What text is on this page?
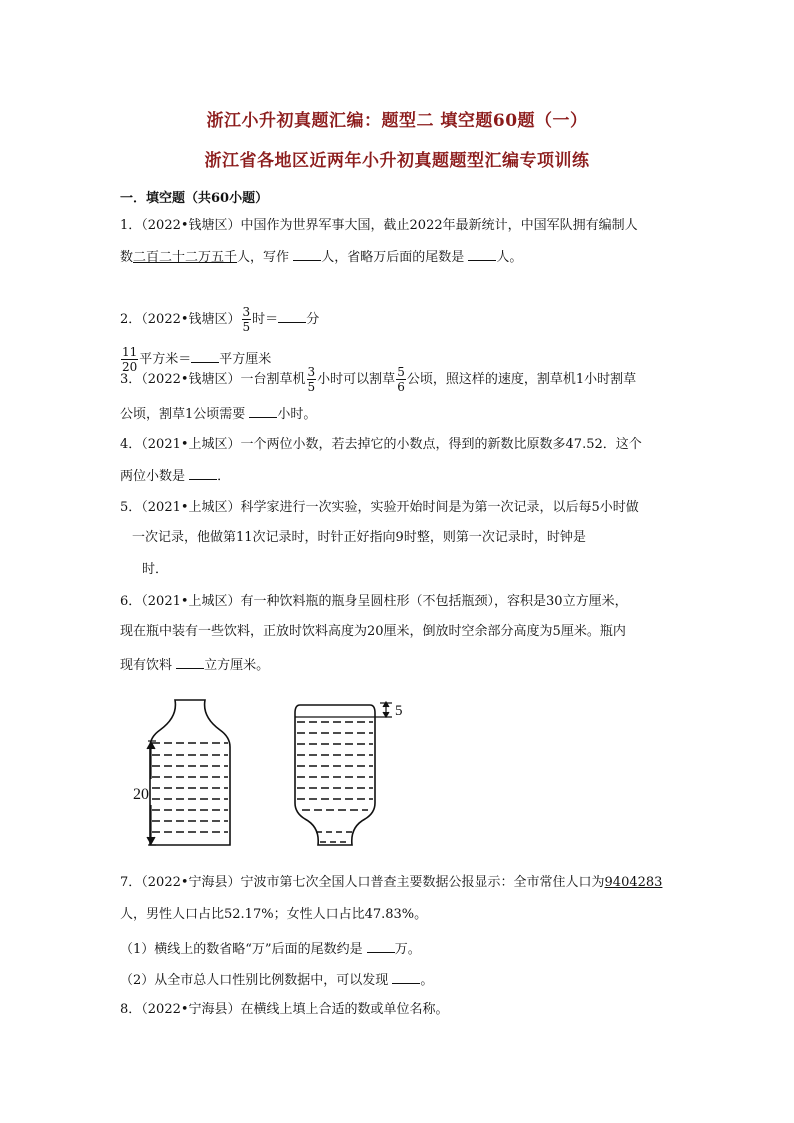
浙江小升初真题汇编：题型二 填空题60题（一）
浙江省各地区近两年小升初真题题型汇编专项训练
一．填空题（共60小题）
1．（2022•钱塘区）中国作为世界军事大国，截止2022年最新统计，中国军队拥有编制人
数二百二十二万五千人，写作 人，省略万后面的尾数是 人。
2．（2022•钱塘区） $\frac{3}{5}$ 时＝ 分
$\frac{11}{20}$ 平方米＝ 平方厘米
3．（2022•钱塘区）一台割草机 $\frac{3}{5}$ 小时可以割草 $\frac{5}{6}$ 公顷，照这样的速度，割草机1小时割草
公顷，割草1公顷需要 小时。
4．（2021•上城区）一个两位小数，若去掉它的小数点，得到的新数比原数多47.52．这个
两位小数是 ．
5．（2021•上城区）科学家进行一次实验，实验开始时间是为第一次记录，以后每5小时做
一次记录，他做第11次记录时，时针正好指向9时整，则第一次记录时，时钟是
时．
6．（2021•上城区）有一种饮料瓶的瓶身呈圆柱形（不包括瓶颈），容积是30立方厘米，
现在瓶中装有一些饮料，正放时饮料高度为20厘米，倒放时空余部分高度为5厘米。瓶内
现有饮料 立方厘米。
20
5
7．（2022•宁海县）宁波市第七次全国人口普查主要数据公报显示：全市常住人口为9404283
人，男性人口占比52.17%；女性人口占比47.83%。
（1）横线上的数省略“万”后面的尾数约是 万。
（2）从全市总人口性别比例数据中，可以发现 。
8．（2022•宁海县）在横线上填上合适的数或单位名称。
